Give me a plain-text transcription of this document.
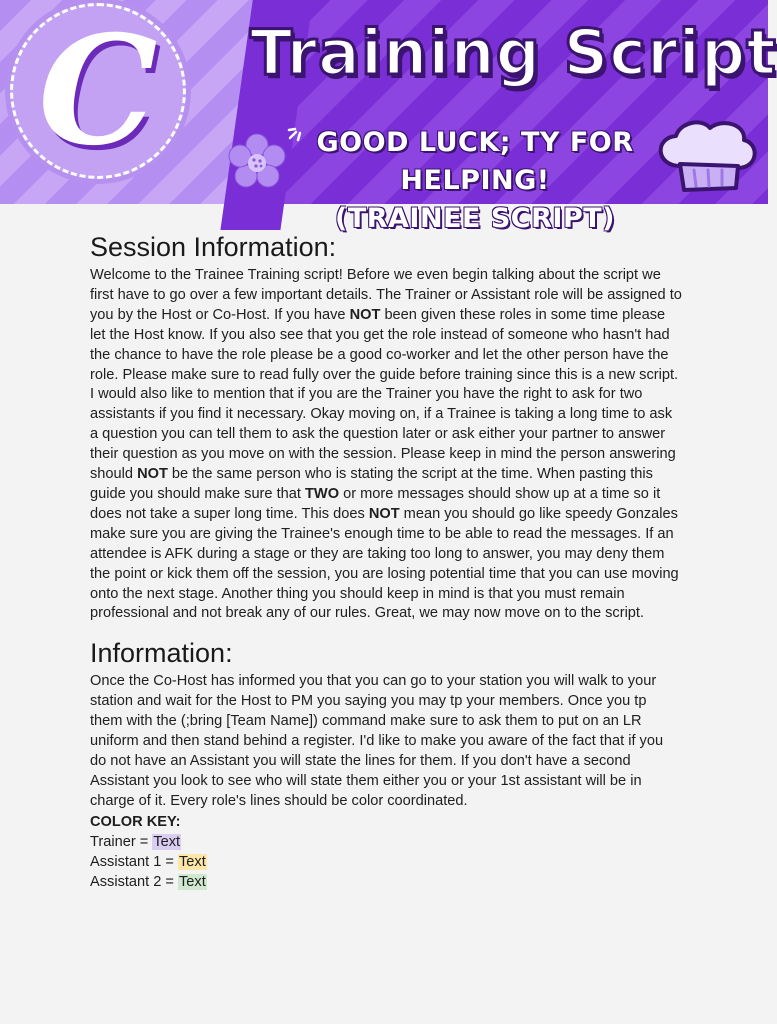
C	Training Script
GOOD LUCK; TY FOR HELPING!
(TRAINEE SCRIPT)
Session Information:

Welcome to the Trainee Training script! Before we even begin talking about the script we first have to go over a few important details. The Trainer or Assistant role will be assigned to you by the Host or Co-Host. If you have NOT been given these roles in some time please let the Host know. If you also see that you get the role instead of someone who hasn't had the chance to have the role please be a good co-worker and let the other person have the role. Please make sure to read fully over the guide before training since this is a new script. I would also like to mention that if you are the Trainer you have the right to ask for two assistants if you find it necessary. Okay moving on, if a Trainee is taking a long time to ask a question you can tell them to ask the question later or ask either your partner to answer their question as you move on with the session. Please keep in mind the person answering should NOT be the same person who is stating the script at the time. When pasting this guide you should make sure that TWO or more messages should show up at a time so it does not take a super long time. This does NOT mean you should go like speedy Gonzales make sure you are giving the Trainee's enough time to be able to read the messages. If an attendee is AFK during a stage or they are taking too long to answer, you may deny them the point or kick them off the session, you are losing potential time that you can use moving onto the next stage. Another thing you should keep in mind is that you must remain professional and not break any of our rules. Great, we may now move on to the script.

Information:

Once the Co-Host has informed you that you can go to your station you will walk to your station and wait for the Host to PM you saying you may tp your members. Once you tp them with the (;bring [Team Name]) command make sure to ask them to put on an LR uniform and then stand behind a register. I'd like to make you aware of the fact that if you do not have an Assistant you will state the lines for them. If you don't have a second Assistant you look to see who will state them either you or your 1st assistant will be in charge of it. Every role's lines should be color coordinated.

COLOR KEY:

Trainer = Text

Assistant 1 = Text

Assistant 2 = Text
